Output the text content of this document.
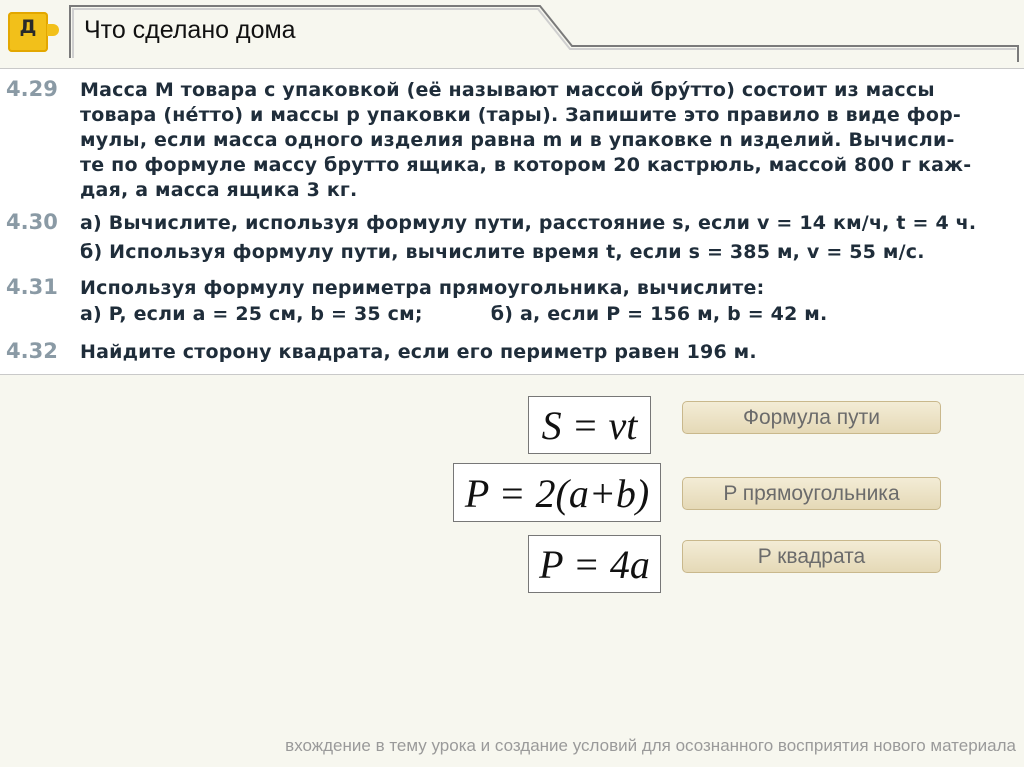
Д	Что сделано дома
4.29 Масса M товара с упаковкой (её называют массой бру́тто) состоит из массы
товара (не́тто) и массы p упаковки (тары). Запишите это правило в виде фор-
мулы, если масса одного изделия равна m и в упаковке n изделий. Вычисли-
те по формуле массу брутто ящика, в котором 20 кастрюль, массой 800 г каж-
дая, а масса ящика 3 кг.
4.30 а) Вычислите, используя формулу пути, расстояние s, если v = 14 км/ч, t = 4 ч.
б) Используя формулу пути, вычислите время t, если s = 385 м, v = 55 м/с.
4.31 Используя формулу периметра прямоугольника, вычислите:
а) P, если a = 25 см, b = 35 см;          б) a, если P = 156 м, b = 42 м.
4.32 Найдите сторону квадрата, если его периметр равен 196 м.
S = vt
P = 2(a+b)
P = 4a
Формула пути
P прямоугольника
P квадрата
вхождение в тему урока и создание условий для осознанного восприятия нового материала
